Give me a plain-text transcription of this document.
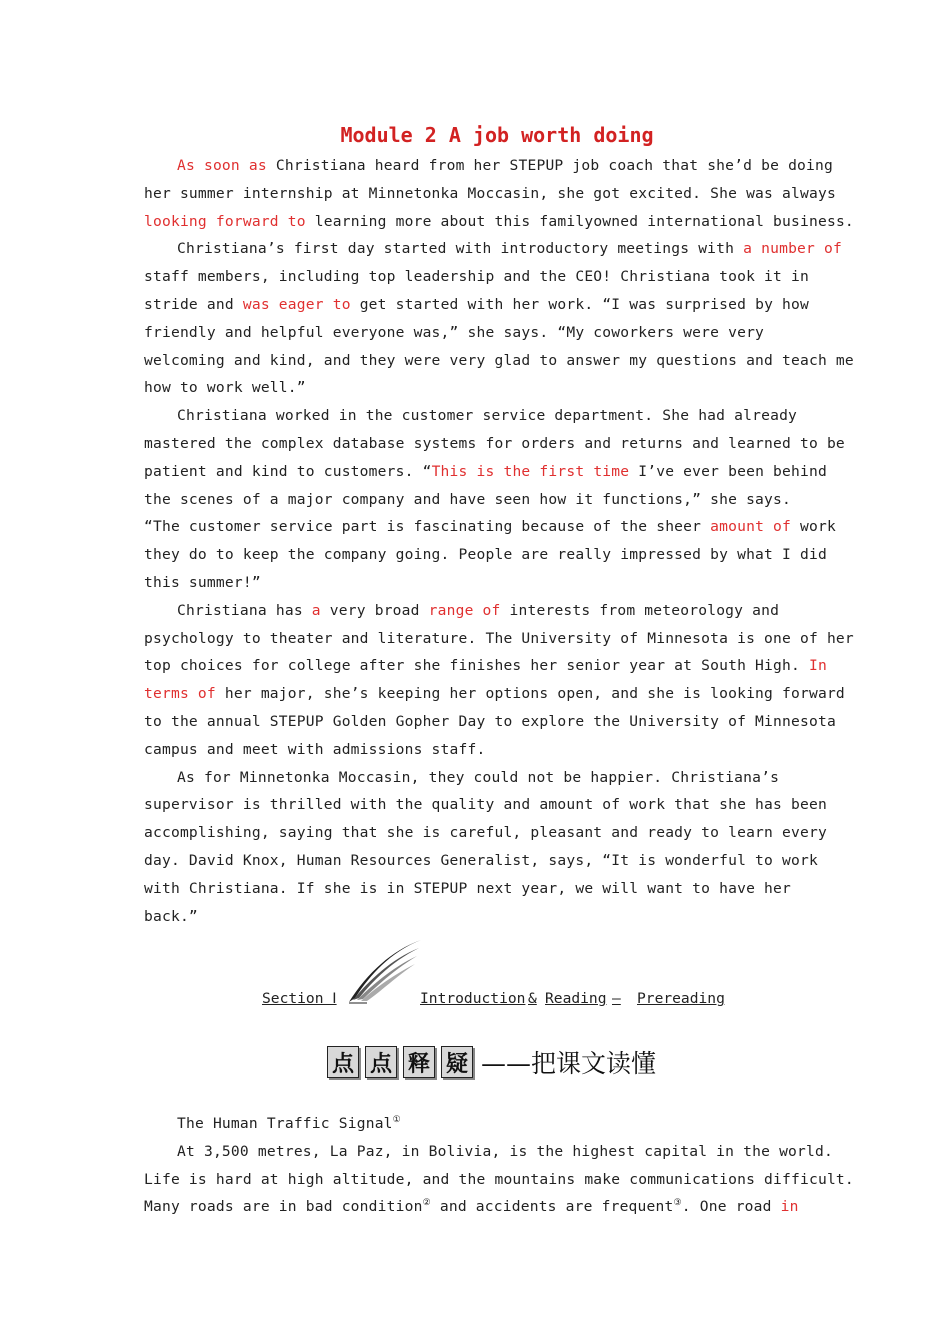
Module 2 A job worth doing

As soon as Christiana heard from her STEPUP job coach that she’d be doing
her summer internship at Minnetonka Moccasin, she got excited. She was always
looking forward to learning more about this familyowned international business.

Christiana’s first day started with introductory meetings with a number of
staff members, including top leadership and the CEO! Christiana took it in
stride and was eager to get started with her work. “I was surprised by how
friendly and helpful everyone was,” she says. “My coworkers were very
welcoming and kind, and they were very glad to answer my questions and teach me
how to work well.”

Christiana worked in the customer service department. She had already
mastered the complex database systems for orders and returns and learned to be
patient and kind to customers. “This is the first time I’ve ever been behind
the scenes of a major company and have seen how it functions,” she says.
“The customer service part is fascinating because of the sheer amount of work
they do to keep the company going. People are really impressed by what I did
this summer!”

Christiana has a very broad range of interests from meteorology and
psychology to theater and literature. The University of Minnesota is one of her
top choices for college after she finishes her senior year at South High. In
terms of her major, she’s keeping her options open, and she is looking forward
to the annual STEPUP Golden Gopher Day to explore the University of Minnesota
campus and meet with admissions staff.

As for Minnetonka Moccasin, they could not be happier. Christiana’s
supervisor is thrilled with the quality and amount of work that she has been
accomplishing, saying that she is careful, pleasant and ready to learn every
day. David Knox, Human Resources Generalist, says, “It is wonderful to work
with Christiana. If she is in STEPUP next year, we will want to have her
back.”

Section Ⅰ	Introduction & Reading — Prereading
点 点 释 疑 ——把课文读懂

The Human Traffic Signal①

At 3,500 metres, La Paz, in Bolivia, is the highest capital in the world.
Life is hard at high altitude, and the mountains make communications difficult.
Many roads are in bad condition② and accidents are frequent③. One road in
